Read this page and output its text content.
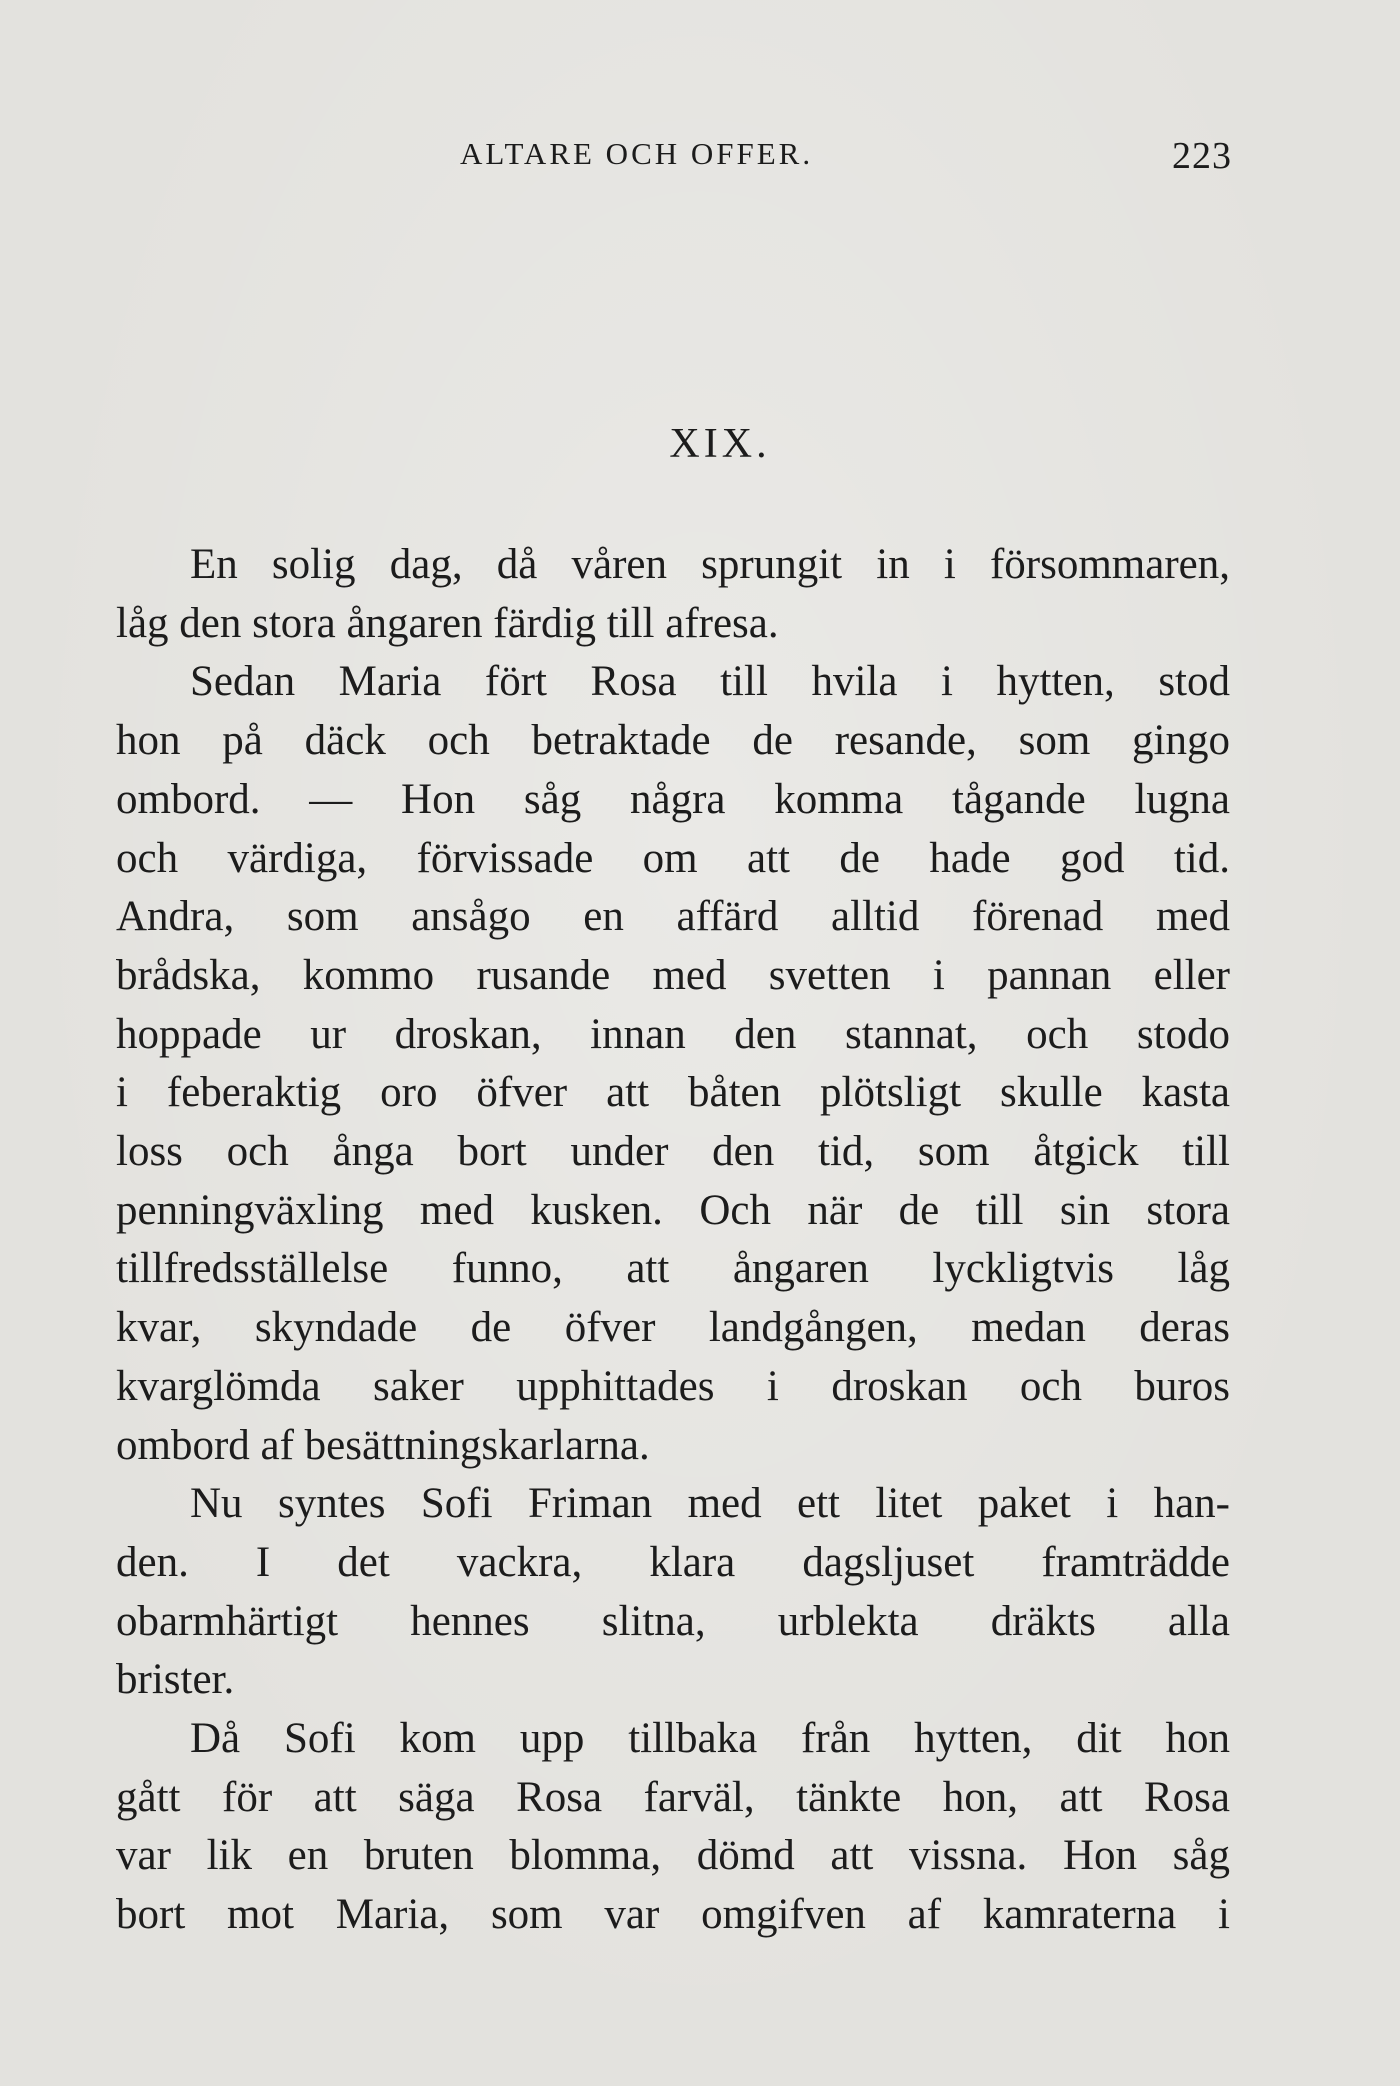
ALTARE OCH OFFER.	223
XIX.

En solig dag, då våren sprungit in i försommaren,
låg den stora ångaren färdig till afresa.

Sedan Maria fört Rosa till hvila i hytten, stod
hon på däck och betraktade de resande, som gingo
ombord. — Hon såg några komma tågande lugna
och värdiga, förvissade om att de hade god tid.
Andra, som ansågo en affärd alltid förenad med
brådska, kommo rusande med svetten i pannan eller
hoppade ur droskan, innan den stannat, och stodo
i feberaktig oro öfver att båten plötsligt skulle kasta
loss och ånga bort under den tid, som åtgick till
penningväxling med kusken. Och när de till sin stora
tillfredsställelse funno, att ångaren lyckligtvis låg
kvar, skyndade de öfver landgången, medan deras
kvarglömda saker upphittades i droskan och buros
ombord af besättningskarlarna.

Nu syntes Sofi Friman med ett litet paket i han-
den. I det vackra, klara dagsljuset framträdde
obarmhärtigt hennes slitna, urblekta dräkts alla
brister.

Då Sofi kom upp tillbaka från hytten, dit hon
gått för att säga Rosa farväl, tänkte hon, att Rosa
var lik en bruten blomma, dömd att vissna. Hon såg
bort mot Maria, som var omgifven af kamraterna i
